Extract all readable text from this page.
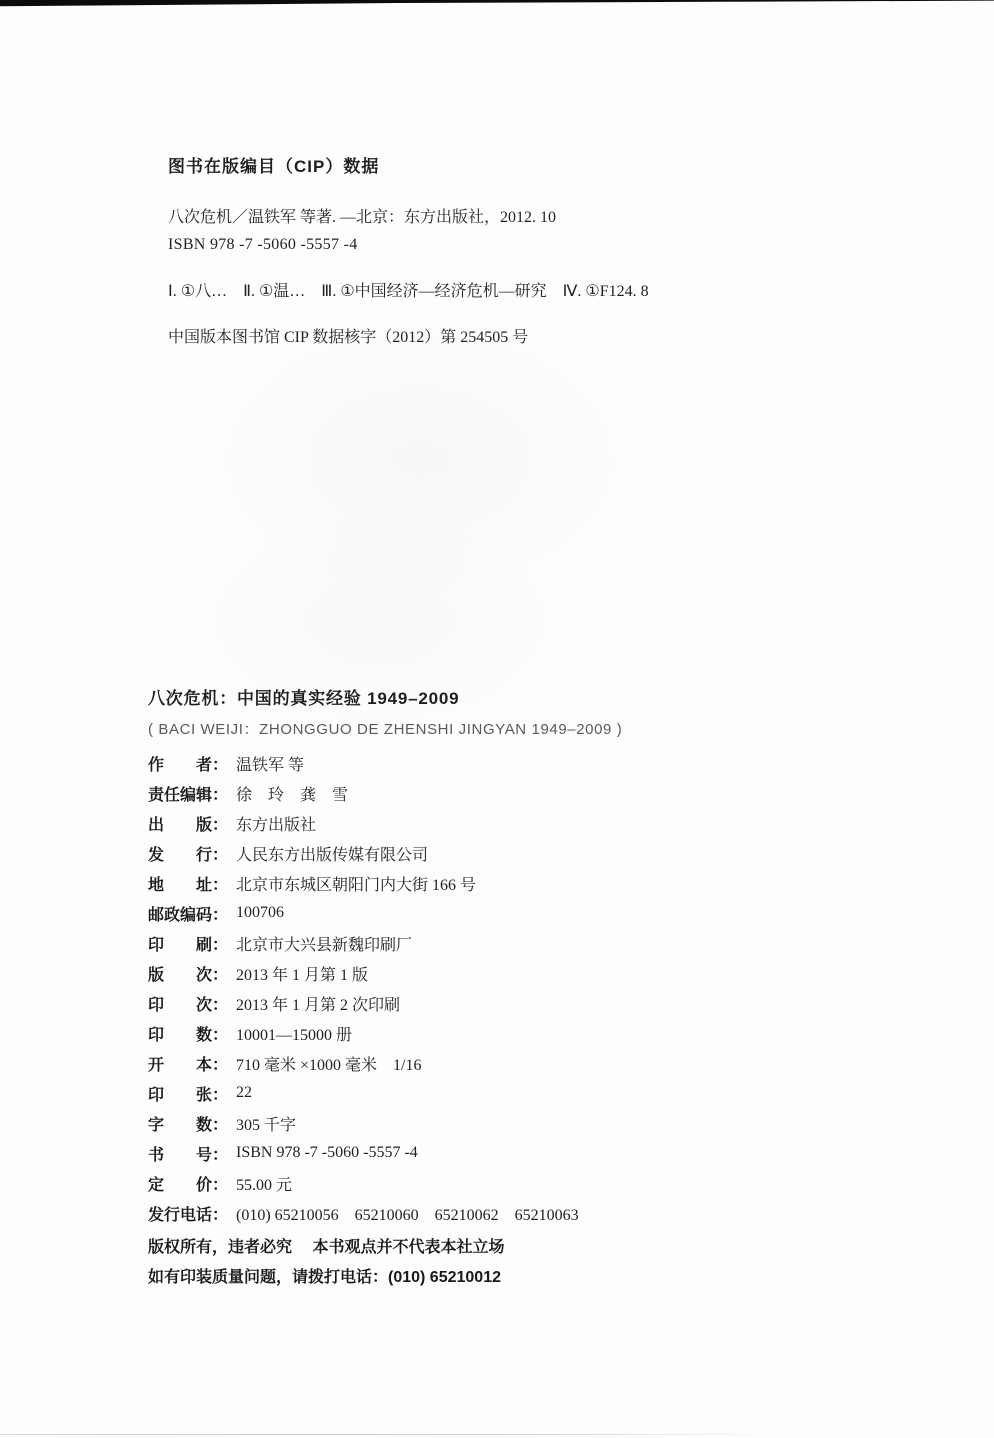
图书在版编目（CIP）数据

八次危机／温铁军 等著. —北京：东方出版社，2012. 10

ISBN 978 -7 -5060 -5557 -4

Ⅰ. ①八…　Ⅱ. ①温…　Ⅲ. ①中国经济—经济危机—研究　Ⅳ. ①F124. 8

中国版本图书馆 CIP 数据核字（2012）第 254505 号

八次危机：中国的真实经验 1949–2009

( BACI WEIJI：ZHONGGUO DE ZHENSHI JINGYAN 1949–2009 )

作　　者： 温铁军 等
责任编辑： 徐　玲　龚　雪
出　　版： 东方出版社
发　　行： 人民东方出版传媒有限公司
地　　址： 北京市东城区朝阳门内大街 166 号
邮政编码： 100706
印　　刷： 北京市大兴县新魏印刷厂
版　　次： 2013 年 1 月第 1 版
印　　次： 2013 年 1 月第 2 次印刷
印　　数： 10001—15000 册
开　　本： 710 毫米 ×1000 毫米　1/16
印　　张： 22
字　　数： 305 千字
书　　号： ISBN 978 -7 -5060 -5557 -4
定　　价： 55.00 元
发行电话： (010) 65210056　65210060　65210062　65210063

版权所有，违者必究　 本书观点并不代表本社立场

如有印装质量问题，请拨打电话：(010) 65210012
